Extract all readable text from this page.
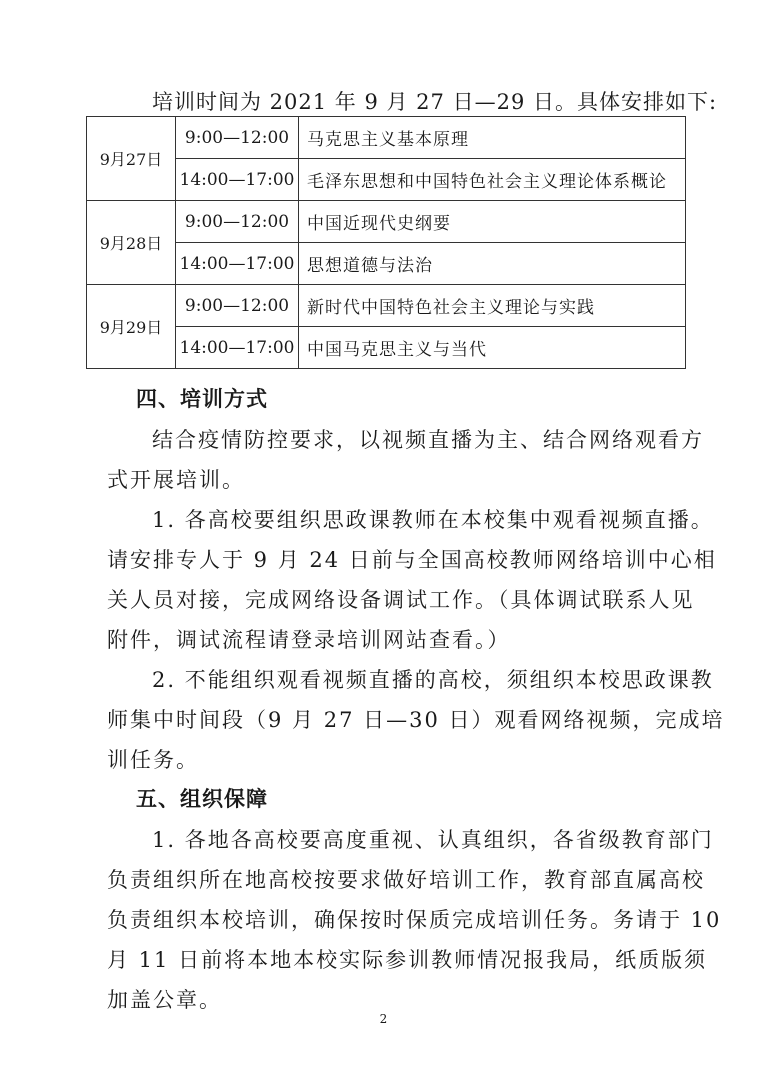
培训时间为 2021 年 9 月 27 日—29 日。具体安排如下:
9月27日	9:00—12:00	马克思主义基本原理
	14:00—17:00	毛泽东思想和中国特色社会主义理论体系概论
9月28日	9:00—12:00	中国近现代史纲要
	14:00—17:00	思想道德与法治
9月29日	9:00—12:00	新时代中国特色社会主义理论与实践
	14:00—17:00	中国马克思主义与当代
四、培训方式
结合疫情防控要求，以视频直播为主、结合网络观看方
式开展培训。
1. 各高校要组织思政课教师在本校集中观看视频直播。
请安排专人于 9 月 24 日前与全国高校教师网络培训中心相
关人员对接，完成网络设备调试工作。（具体调试联系人见
附件，调试流程请登录培训网站查看。）
2. 不能组织观看视频直播的高校，须组织本校思政课教
师集中时间段（9 月 27 日—30 日）观看网络视频，完成培
训任务。
五、组织保障
1. 各地各高校要高度重视、认真组织，各省级教育部门
负责组织所在地高校按要求做好培训工作，教育部直属高校
负责组织本校培训，确保按时保质完成培训任务。务请于 10
月 11 日前将本地本校实际参训教师情况报我局，纸质版须
加盖公章。
2
